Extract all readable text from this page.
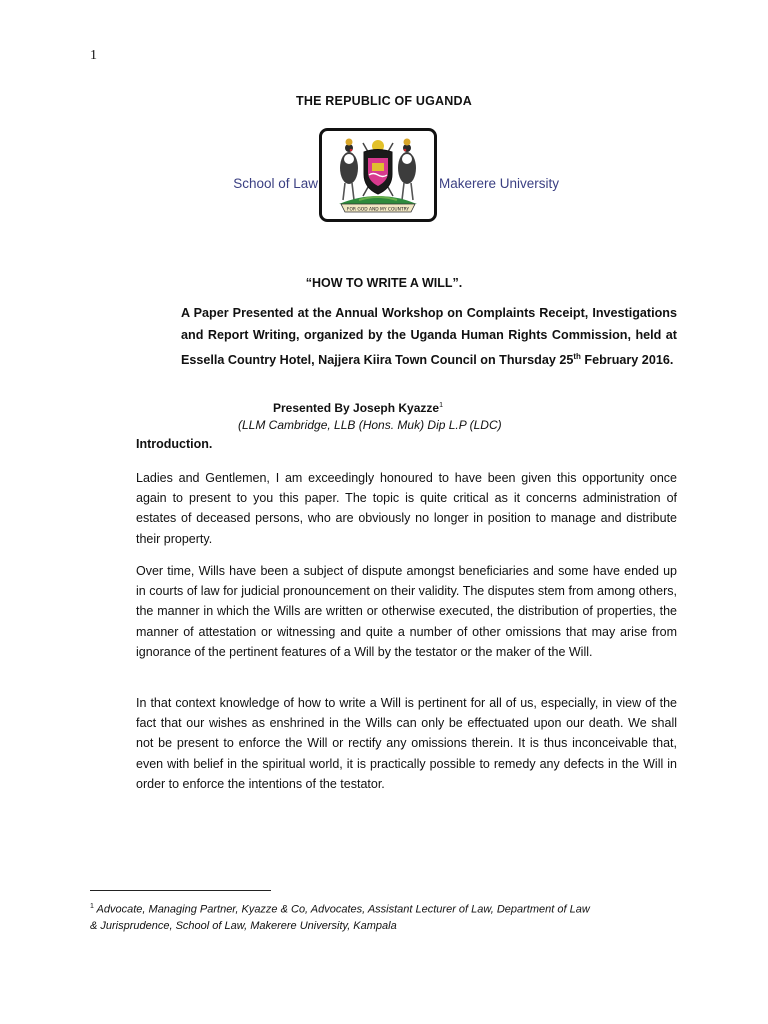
1
THE REPUBLIC OF UGANDA
School of Law
FOR GOD AND MY COUNTRY
Makerere University
“HOW TO WRITE A WILL”.
A Paper Presented at the Annual Workshop on Complaints Receipt, Investigations and Report Writing, organized by the Uganda Human Rights Commission, held at Essella Country Hotel, Najjera Kiira Town Council on Thursday 25th February 2016.
Presented By Joseph Kyazze$^1$
(LLM Cambridge, LLB (Hons. Muk) Dip L.P (LDC)
Introduction.

Ladies and Gentlemen, I am exceedingly honoured to have been given this opportunity once again to present to you this paper. The topic is quite critical as it concerns administration of estates of deceased persons, who are obviously no longer in position to manage and distribute their property.

Over time, Wills have been a subject of dispute amongst beneficiaries and some have ended up in courts of law for judicial pronouncement on their validity. The disputes stem from among others, the manner in which the Wills are written or otherwise executed, the distribution of properties, the manner of attestation or witnessing and quite a number of other omissions that may arise from ignorance of the pertinent features of a Will by the testator or the maker of the Will.

In that context knowledge of how to write a Will is pertinent for all of us, especially, in view of the fact that our wishes as enshrined in the Wills can only be effectuated upon our death. We shall not be present to enforce the Will or rectify any omissions therein. It is thus inconceivable that, even with belief in the spiritual world, it is practically possible to remedy any defects in the Will in order to enforce the intentions of the testator.

$^1$ Advocate, Managing Partner, Kyazze & Co, Advocates, Assistant Lecturer of Law, Department of Law & Jurisprudence, School of Law, Makerere University, Kampala
